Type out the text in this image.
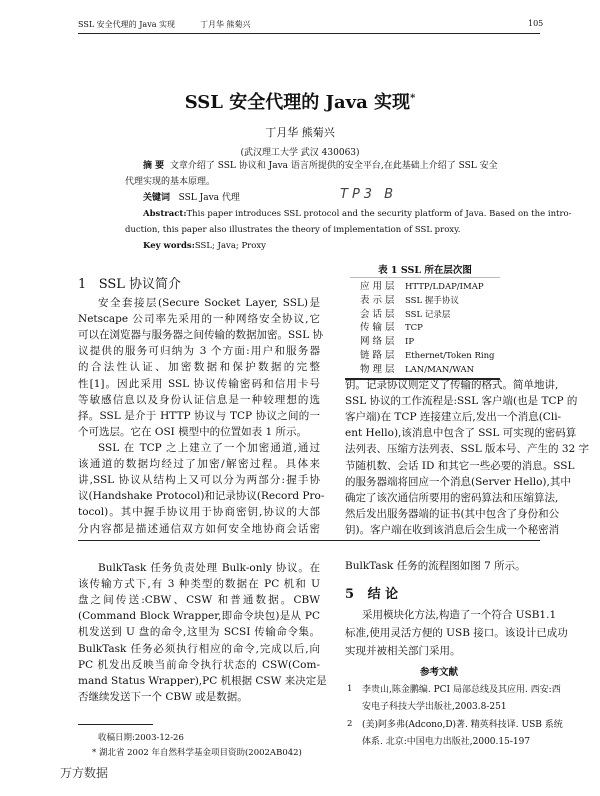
SSL 安全代理的 Java 实现	丁月华 熊菊兴	105
SSL 安全代理的 Java 实现*
丁月华 熊菊兴
(武汉理工大学 武汉 430063)
摘 要 文章介绍了 SSL 协议和 Java 语言所提供的安全平台,在此基础上介绍了 SSL 安全
代理实现的基本原理。
关键词 SSL Java 代理	TP3 B
Abstract:This paper introduces SSL protocol and the security platform of Java. Based on the intro-
duction, this paper also illustrates the theory of implementation of SSL proxy.
Key words:SSL; Java; Proxy
1 SSL 协议简介
安全套接层(Secure Socket Layer, SSL)是
Netscape 公司率先采用的一种网络安全协议,它
可以在浏览器与服务器之间传输的数据加密。SSL 协
议提供的服务可归纳为 3 个方面:用户和服务器
的合法性认证、加密数据和保护数据的完整
性[1]。因此采用 SSL 协议传输密码和信用卡号
等敏感信息以及身份认证信息是一种较理想的选
择。SSL 是介于 HTTP 协议与 TCP 协议之间的一
个可选层。它在 OSI 模型中的位置如表 1 所示。
SSL 在 TCP 之上建立了一个加密通道,通过
该通道的数据均经过了加密/解密过程。具体来
讲,SSL 协议从结构上又可以分为两部分:握手协
议(Handshake Protocol)和记录协议(Record Pro-
tocol)。其中握手协议用于协商密钥,协议的大部
分内容都是描述通信双方如何安全地协商会话密
钥。记录协议则定义了传输的格式。简单地讲,
SSL 协议的工作流程是:SSL 客户端(也是 TCP 的
客户端)在 TCP 连接建立后,发出一个消息(Cli-
ent Hello),该消息中包含了 SSL 可实现的密码算
法列表、压缩方法列表、SSL 版本号、产生的 32 字
节随机数、会话 ID 和其它一些必要的消息。SSL
的服务器端将回应一个消息(Server Hello),其中
确定了该次通信所要用的密码算法和压缩算法,
然后发出服务器端的证书(其中包含了身份和公
钥)。客户端在收到该消息后会生成一个秘密消
BulkTask 任务负责处理 Bulk-only 协议。在
该传输方式下,有 3 种类型的数据在 PC 机和 U
盘之间传送:CBW、CSW 和普通数据。CBW
(Command Block Wrapper,即命令块包)是从 PC
机发送到 U 盘的命令,这里为 SCSI 传输命令集。
BulkTask 任务必须执行相应的命令,完成以后,向
PC 机发出反映当前命令执行状态的 CSW(Com-
mand Status Wrapper),PC 机根据 CSW 来决定是
否继续发送下一个 CBW 或是数据。
采用模块化方法,构造了一个符合 USB1.1
标准,使用灵活方便的 USB 接口。该设计已成功
实现并被相关部门采用。
1 李贵山,陈金鹏编. PCI 局部总线及其应用. 西安:西
安电子科技大学出版社,2003.8-251
2 (美)阿多弗(Adcono,D)著. 精英科技译. USB 系统
体系. 北京:中国电力出版社,2000.15-197
表 1 SSL 所在层次图
应 用 层 HTTP/LDAP/IMAP
表 示 层 SSL 握手协议
会 话 层 SSL 记录层
传 输 层 TCP
网 络 层 IP
链 路 层 Ethernet/Token Ring
物 理 层 LAN/MAN/WAN
BulkTask 任务的流程图如图 7 所示。
5 结 论
参考文献
收稿日期:2003-12-26
* 湖北省 2002 年自然科学基金项目资助(2002AB042)
万方数据
